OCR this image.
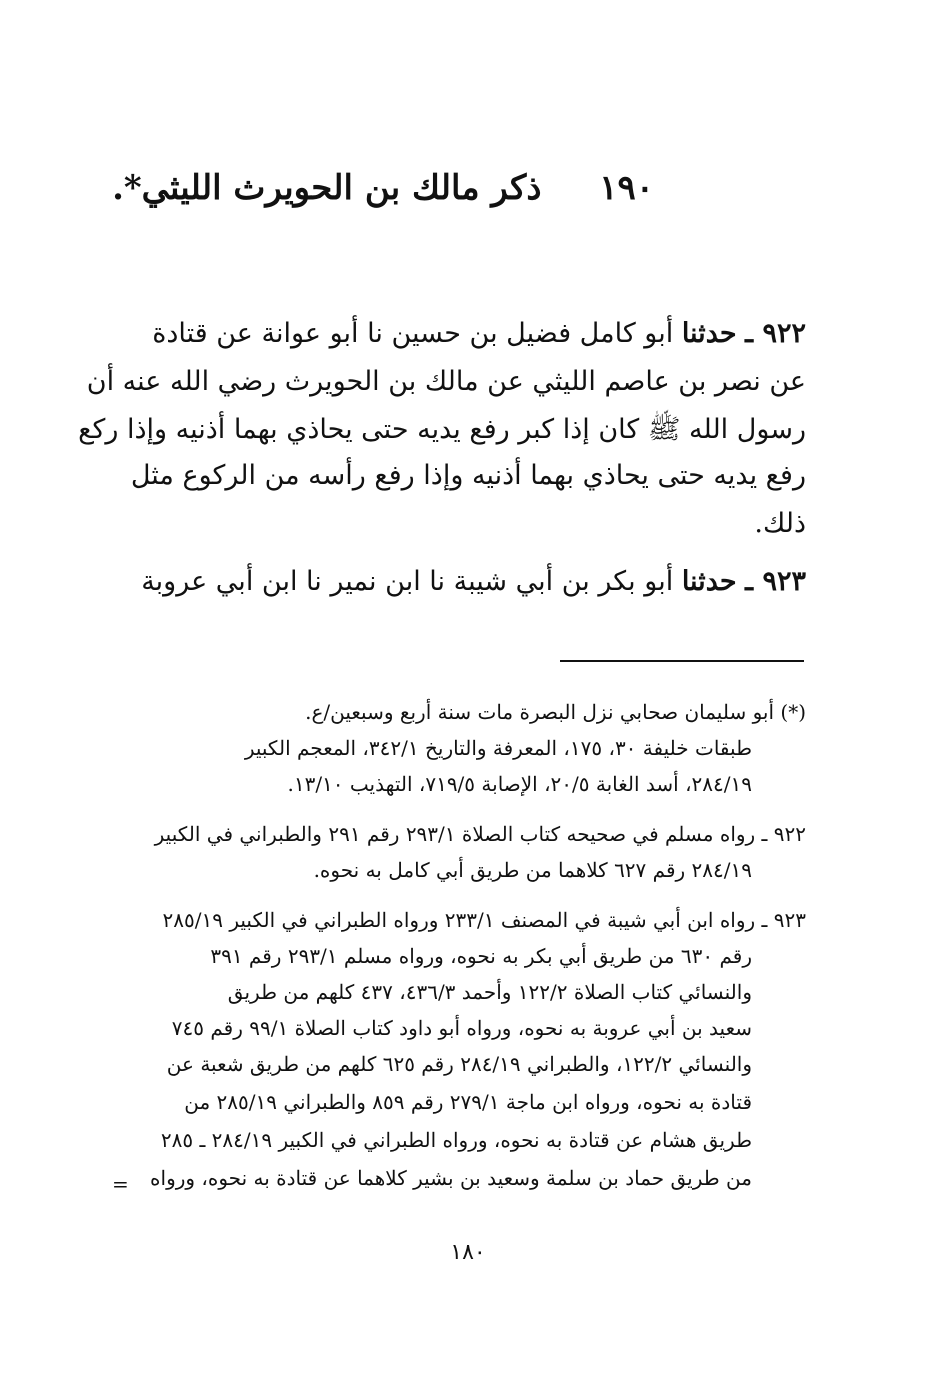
١٩٠  ذكر مالك بن الحويرث الليثي*.
٩٢٢ ـ حدثنا أبو كامل فضيل بن حسين نا أبو عوانة عن قتادة
عن نصر بن عاصم الليثي عن مالك بن الحويرث رضي الله عنه أن
رسول الله ﷺ كان إذا كبر رفع يديه حتى يحاذي بهما أذنيه وإذا ركع
رفع يديه حتى يحاذي بهما أذنيه وإذا رفع رأسه من الركوع مثل
ذلك.
٩٢٣ ـ حدثنا أبو بكر بن أبي شيبة نا ابن نمير نا ابن أبي عروبة
(*) أبو سليمان صحابي نزل البصرة مات سنة أربع وسبعين/ع.
طبقات خليفة ٣٠، ١٧٥، المعرفة والتاريخ ٣٤٢/١، المعجم الكبير
٢٨٤/١٩، أسد الغابة ٢٠/٥، الإصابة ٧١٩/٥، التهذيب ١٣/١٠.
٩٢٢ ـ رواه مسلم في صحيحه كتاب الصلاة ٢٩٣/١ رقم ٢٩١ والطبراني في الكبير
٢٨٤/١٩ رقم ٦٢٧ كلاهما من طريق أبي كامل به نحوه.
٩٢٣ ـ رواه ابن أبي شيبة في المصنف ٢٣٣/١ ورواه الطبراني في الكبير ٢٨٥/١٩
رقم ٦٣٠ من طريق أبي بكر به نحوه، ورواه مسلم ٢٩٣/١ رقم ٣٩١
والنسائي كتاب الصلاة ١٢٢/٢ وأحمد ٤٣٦/٣، ٤٣٧ كلهم من طريق
سعيد بن أبي عروبة به نحوه، ورواه أبو داود كتاب الصلاة ٩٩/١ رقم ٧٤٥
والنسائي ١٢٢/٢، والطبراني ٢٨٤/١٩ رقم ٦٢٥ كلهم من طريق شعبة عن
قتادة به نحوه، ورواه ابن ماجة ٢٧٩/١ رقم ٨٥٩ والطبراني ٢٨٥/١٩ من
طريق هشام عن قتادة به نحوه، ورواه الطبراني في الكبير ٢٨٤/١٩ ـ ٢٨٥
من طريق حماد بن سلمة وسعيد بن بشير كلاهما عن قتادة به نحوه، ورواه
=
١٨٠
